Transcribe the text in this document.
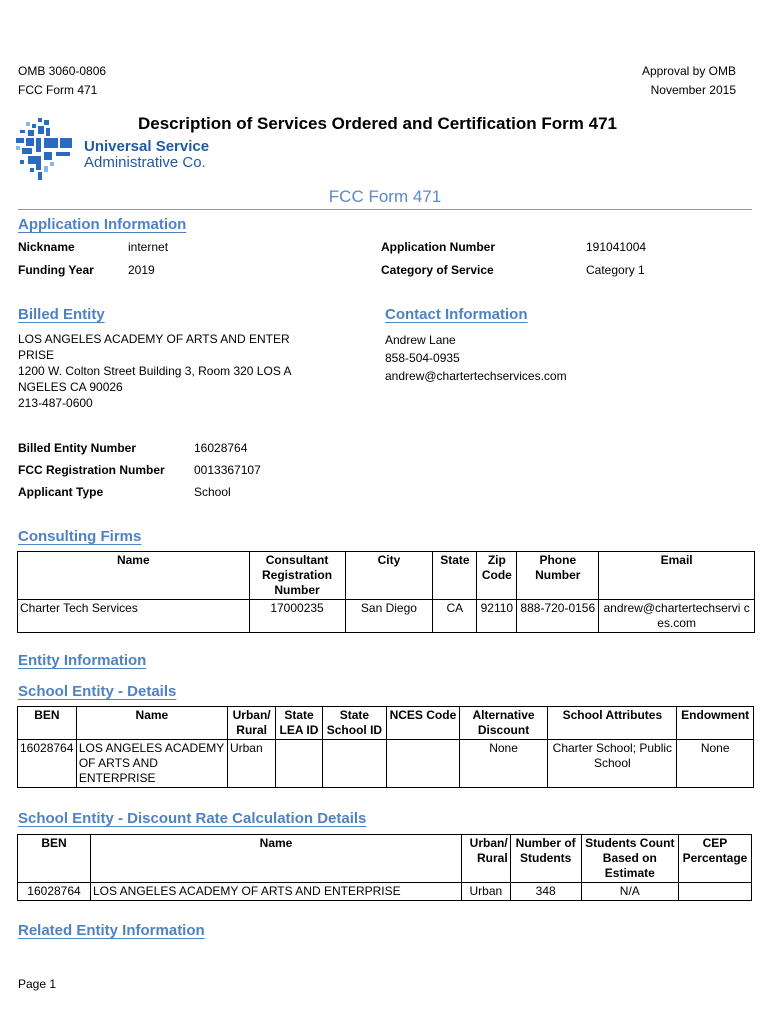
OMB 3060-0806
FCC Form 471
Approval by OMB
November 2015
Universal Service
Administrative Co.
Description of Services Ordered and Certification Form 471
FCC Form 471
Application Information
Nickname	internet
Funding Year	2019
Application Number	191041004
Category of Service	Category 1
Billed Entity
LOS ANGELES ACADEMY OF ARTS AND ENTER
PRISE
1200 W. Colton Street Building 3, Room 320 LOS A
NGELES CA 90026
213-487-0600
Contact Information
Andrew Lane
858-504-0935
andrew@chartertechservices.com
Billed Entity Number	16028764
FCC Registration Number 0013367107
Applicant Type	School
Consulting Firms
Name	Consultant Registration Number	City	State	Zip Code	Phone Number	Email
Charter Tech Services	17000235	San Diego	CA	92110	888-720-0156	andrew@chartertechservi ces.com
Entity Information
School Entity - Details
BEN	Name	Urban/ Rural	State LEA ID	State School ID	NCES Code	Alternative Discount	School Attributes	Endowment
16028764	LOS ANGELES ACADEMY OF ARTS AND ENTERPRISE	Urban				None	Charter School; Public School	None
School Entity - Discount Rate Calculation Details
BEN	Name	Urban/ Rural	Number of Students	Students Count Based on Estimate	CEP Percentage
16028764	LOS ANGELES ACADEMY OF ARTS AND ENTERPRISE	Urban	348	N/A	
Related Entity Information
Page 1
